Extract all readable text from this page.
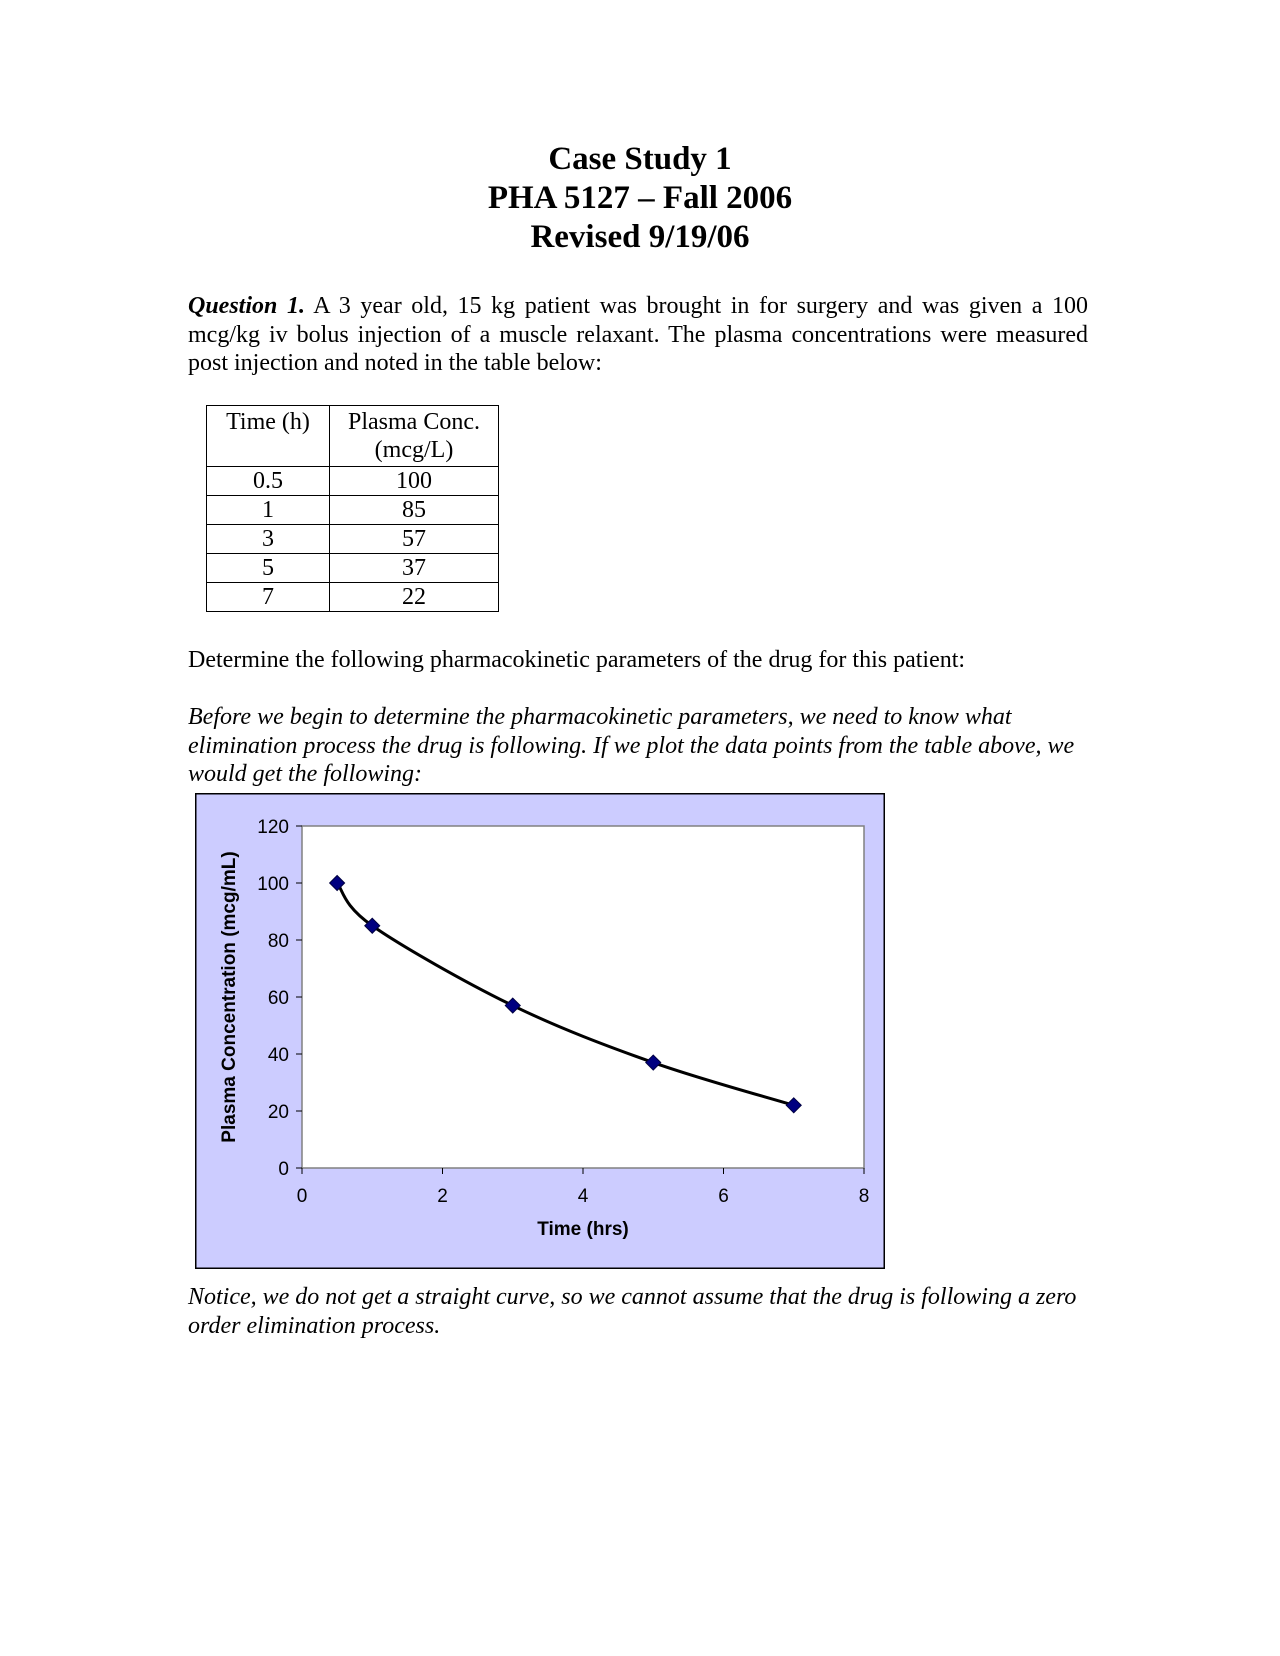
Case Study 1
PHA 5127 – Fall 2006
Revised 9/19/06
Question 1. A 3 year old, 15 kg patient was brought in for surgery and was given a 100 mcg/kg iv bolus injection of a muscle relaxant. The plasma concentrations were measured post injection and noted in the table below:
Time (h)	Plasma Conc. (mcg/L)
0.5	100
1	85
3	57
5	37
7	22
Determine the following pharmacokinetic parameters of the drug for this patient:
Before we begin to determine the pharmacokinetic parameters, we need to know what elimination process the drug is following. If we plot the data points from the table above, we would get the following:
0
20
40
60
80
100
120
0	2	4	6	8
Time (hrs)
Plasma Concentration (mcg/mL)
Notice, we do not get a straight curve, so we cannot assume that the drug is following a zero order elimination process.
